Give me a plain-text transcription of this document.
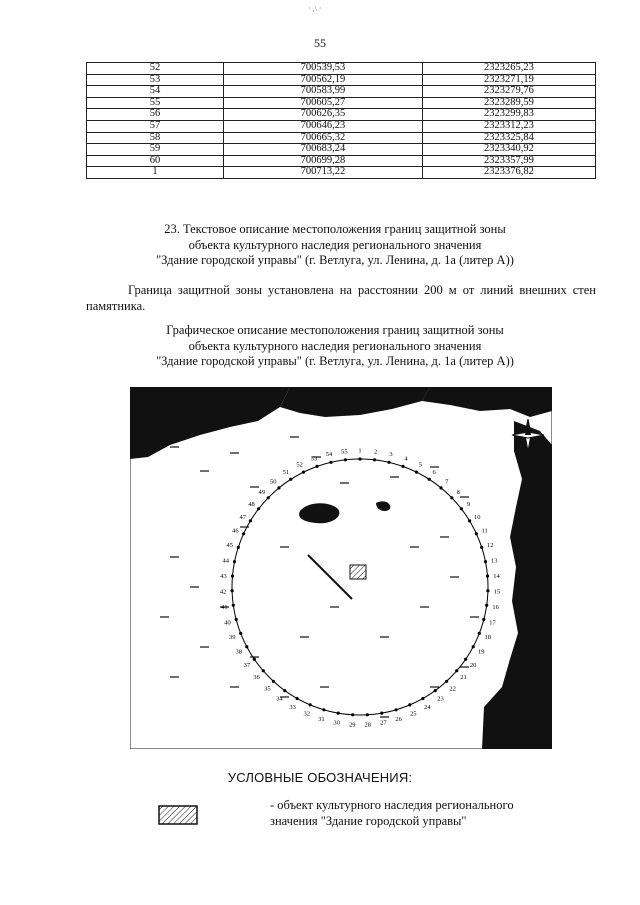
· ,\ ·
55
52	700539,53	2323265,23
53	700562,19	2323271,19
54	700583,99	2323279,76
55	700605,27	2323289,59
56	700626,35	2323299,83
57	700646,23	2323312,23
58	700665,32	2323325,84
59	700683,24	2323340,92
60	700699,28	2323357,99
1	700713,22	2323376,82
23. Текстовое описание местоположения границ защитной зоны
объекта культурного наследия регионального значения
"Здание городской управы" (г. Ветлуга, ул. Ленина, д. 1а (литер А))
Граница защитной зоны установлена на расстоянии 200 м от линий внешних стен памятника.
Графическое описание местоположения границ защитной зоны
объекта культурного наследия регионального значения
"Здание городской управы" (г. Ветлуга, ул. Ленина, д. 1а (литер А))
1 2 3
4
5
6
7
8
9
10
11
12
13
14
15
16
17
18
19
20
21
22
23
24
25
26
27
28
29
30
31
32
33
34
35
36
37
38
39
40
41
42
43
44
45
46
47
48
49
50
51
52
53
54 55
УСЛОВНЫЕ ОБОЗНАЧЕНИЯ:
- объект культурного наследия регионального
значения "Здание городской управы"
